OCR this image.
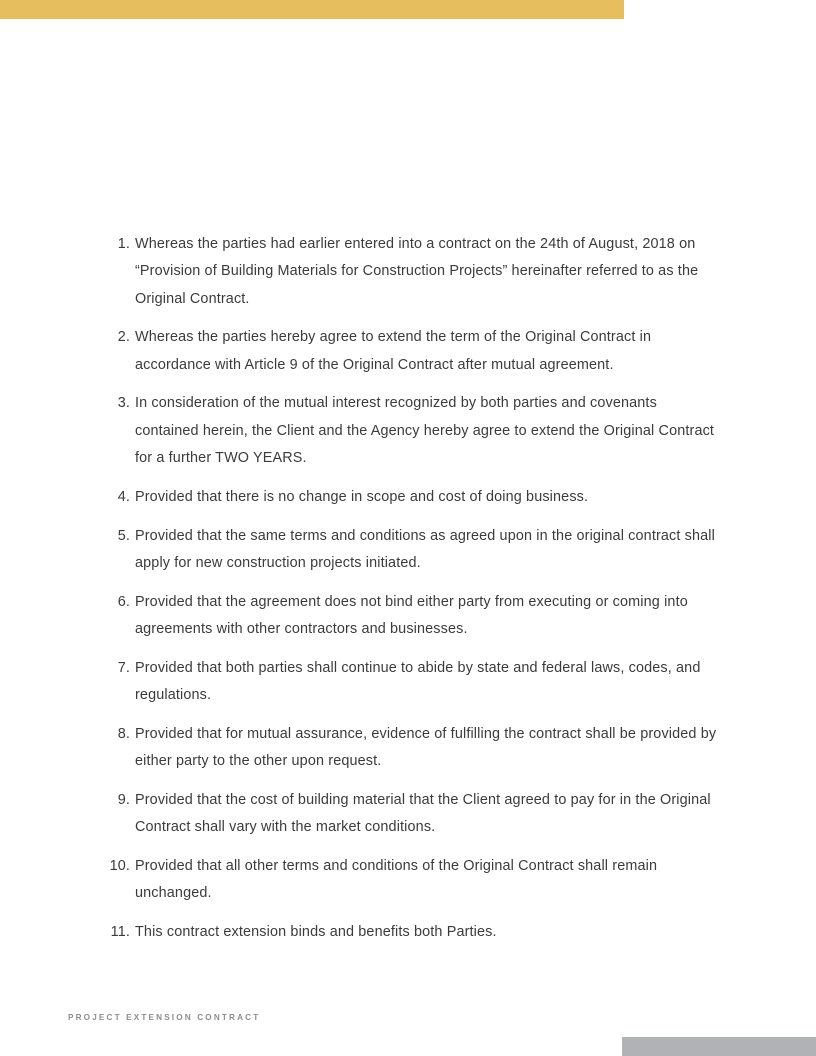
1. Whereas the parties had earlier entered into a contract on the 24th of August, 2018 on “Provision of Building Materials for Construction Projects” hereinafter referred to as the Original Contract.
2. Whereas the parties hereby agree to extend the term of the Original Contract in accordance with Article 9 of the Original Contract after mutual agreement.
3. In consideration of the mutual interest recognized by both parties and covenants contained herein, the Client and the Agency hereby agree to extend the Original Contract for a further TWO YEARS.
4. Provided that there is no change in scope and cost of doing business.
5. Provided that the same terms and conditions as agreed upon in the original contract shall apply for new construction projects initiated.
6. Provided that the agreement does not bind either party from executing or coming into agreements with other contractors and businesses.
7. Provided that both parties shall continue to abide by state and federal laws, codes, and regulations.
8. Provided that for mutual assurance, evidence of fulfilling the contract shall be provided by either party to the other upon request.
9. Provided that the cost of building material that the Client agreed to pay for in the Original Contract shall vary with the market conditions.
10. Provided that all other terms and conditions of the Original Contract shall remain unchanged.
11. This contract extension binds and benefits both Parties.
PROJECT EXTENSION CONTRACT
